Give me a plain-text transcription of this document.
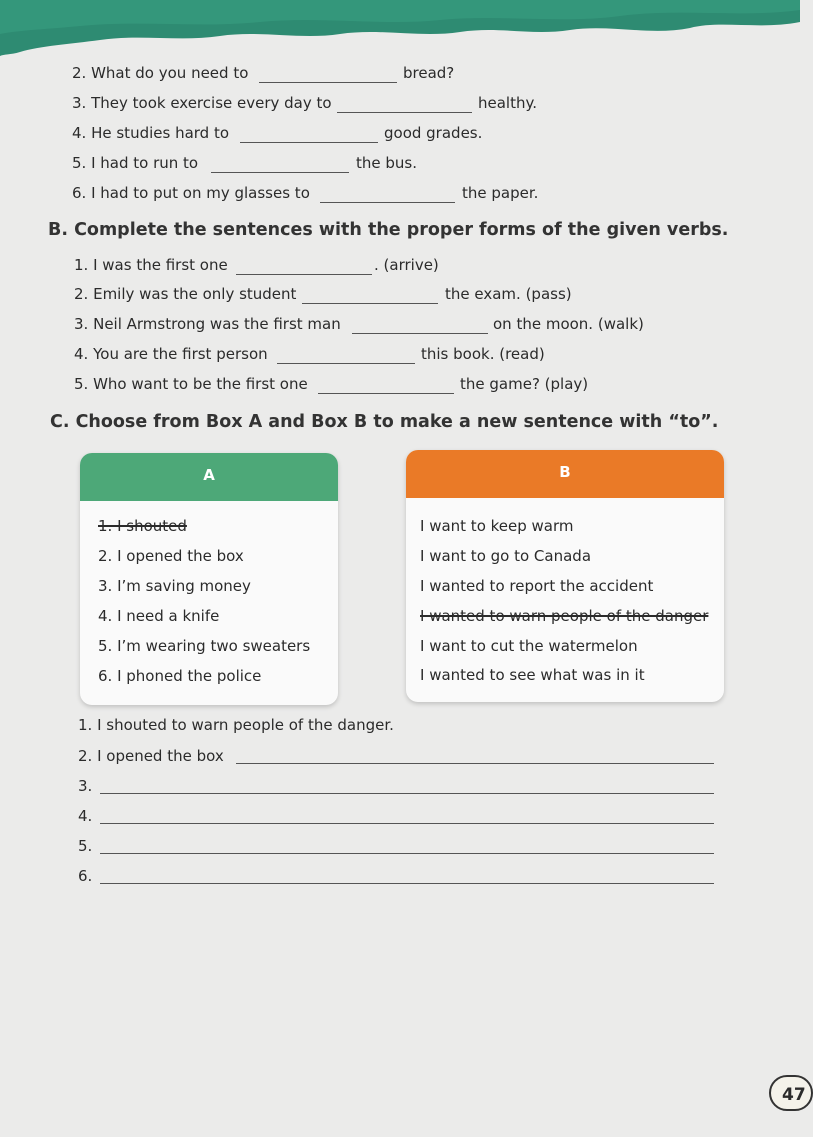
2. What do you need to	bread?
3. They took exercise every day to	healthy.
4. He studies hard to	good grades.
5. I had to run to	the bus.
6. I had to put on my glasses to	the paper.
B. Complete the sentences with the proper forms of the given verbs.
1. I was the first one	. (arrive)
2. Emily was the only student	the exam. (pass)
3. Neil Armstrong was the first man	on the moon. (walk)
4. You are the first person	this book. (read)
5. Who want to be the first one	the game? (play)
C. Choose from Box A and Box B to make a new sentence with “to”.
A
1. I shouted
2. I opened the box
3. I’m saving money
4. I need a knife
5. I’m wearing two sweaters
6. I phoned the police
B
I want to keep warm
I want to go to Canada
I wanted to report the accident
I wanted to warn people of the danger
I want to cut the watermelon
I wanted to see what was in it
1. I shouted to warn people of the danger.
2. I opened the box
3.
4.
5.
6.
47
